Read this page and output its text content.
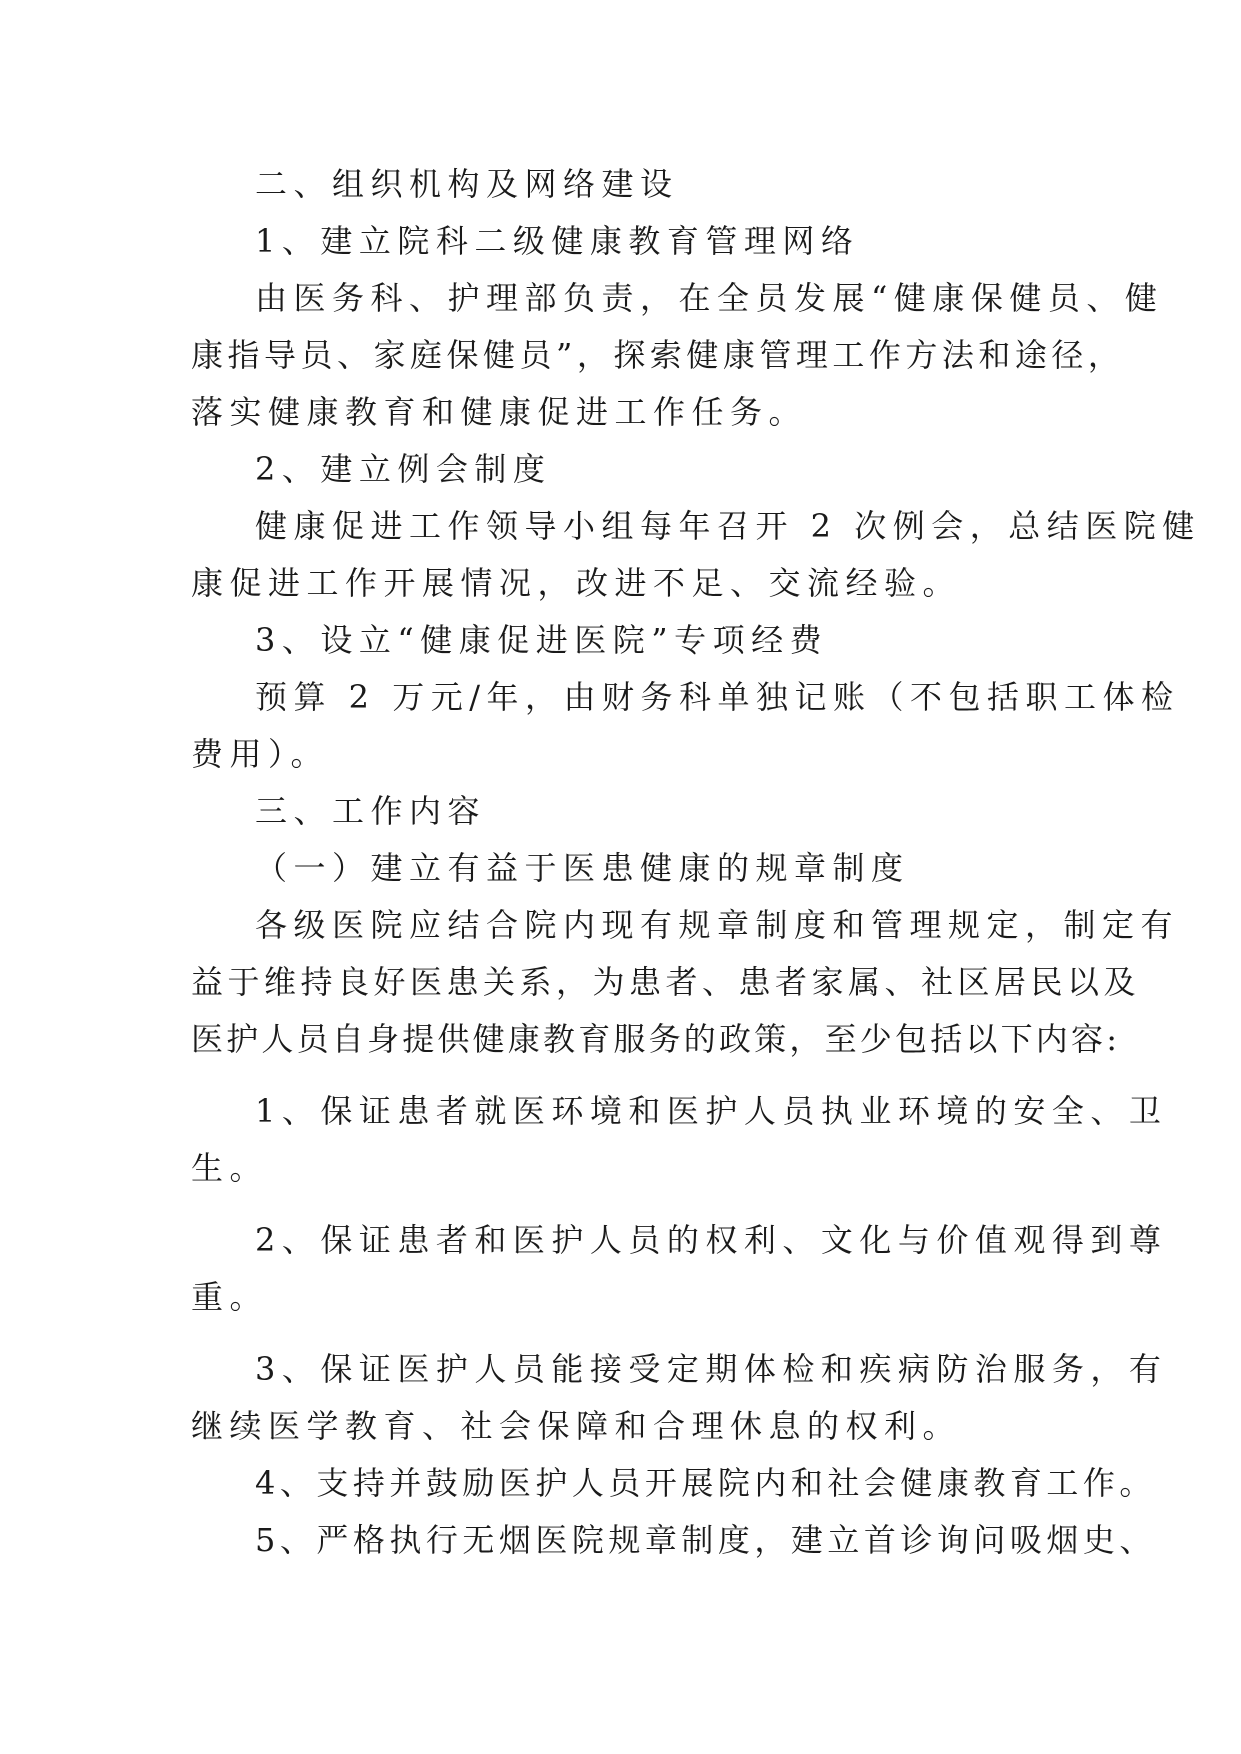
二、组织机构及网络建设
1、建立院科二级健康教育管理网络
由医务科、护理部负责，在全员发展“健康保健员、健
康指导员、家庭保健员”，探索健康管理工作方法和途径，
落实健康教育和健康促进工作任务。
2、建立例会制度
健康促进工作领导小组每年召开 2 次例会，总结医院健
康促进工作开展情况，改进不足、交流经验。
3、设立“健康促进医院”专项经费
预算 2 万元/年，由财务科单独记账（不包括职工体检
费用）。
三、工作内容
（一）建立有益于医患健康的规章制度
各级医院应结合院内现有规章制度和管理规定，制定有
益于维持良好医患关系，为患者、患者家属、社区居民以及
医护人员自身提供健康教育服务的政策，至少包括以下内容:
1、保证患者就医环境和医护人员执业环境的安全、卫
生。
2、保证患者和医护人员的权利、文化与价值观得到尊
重。
3、保证医护人员能接受定期体检和疾病防治服务，有
继续医学教育、社会保障和合理休息的权利。
4、支持并鼓励医护人员开展院内和社会健康教育工作。
5、严格执行无烟医院规章制度，建立首诊询问吸烟史、
